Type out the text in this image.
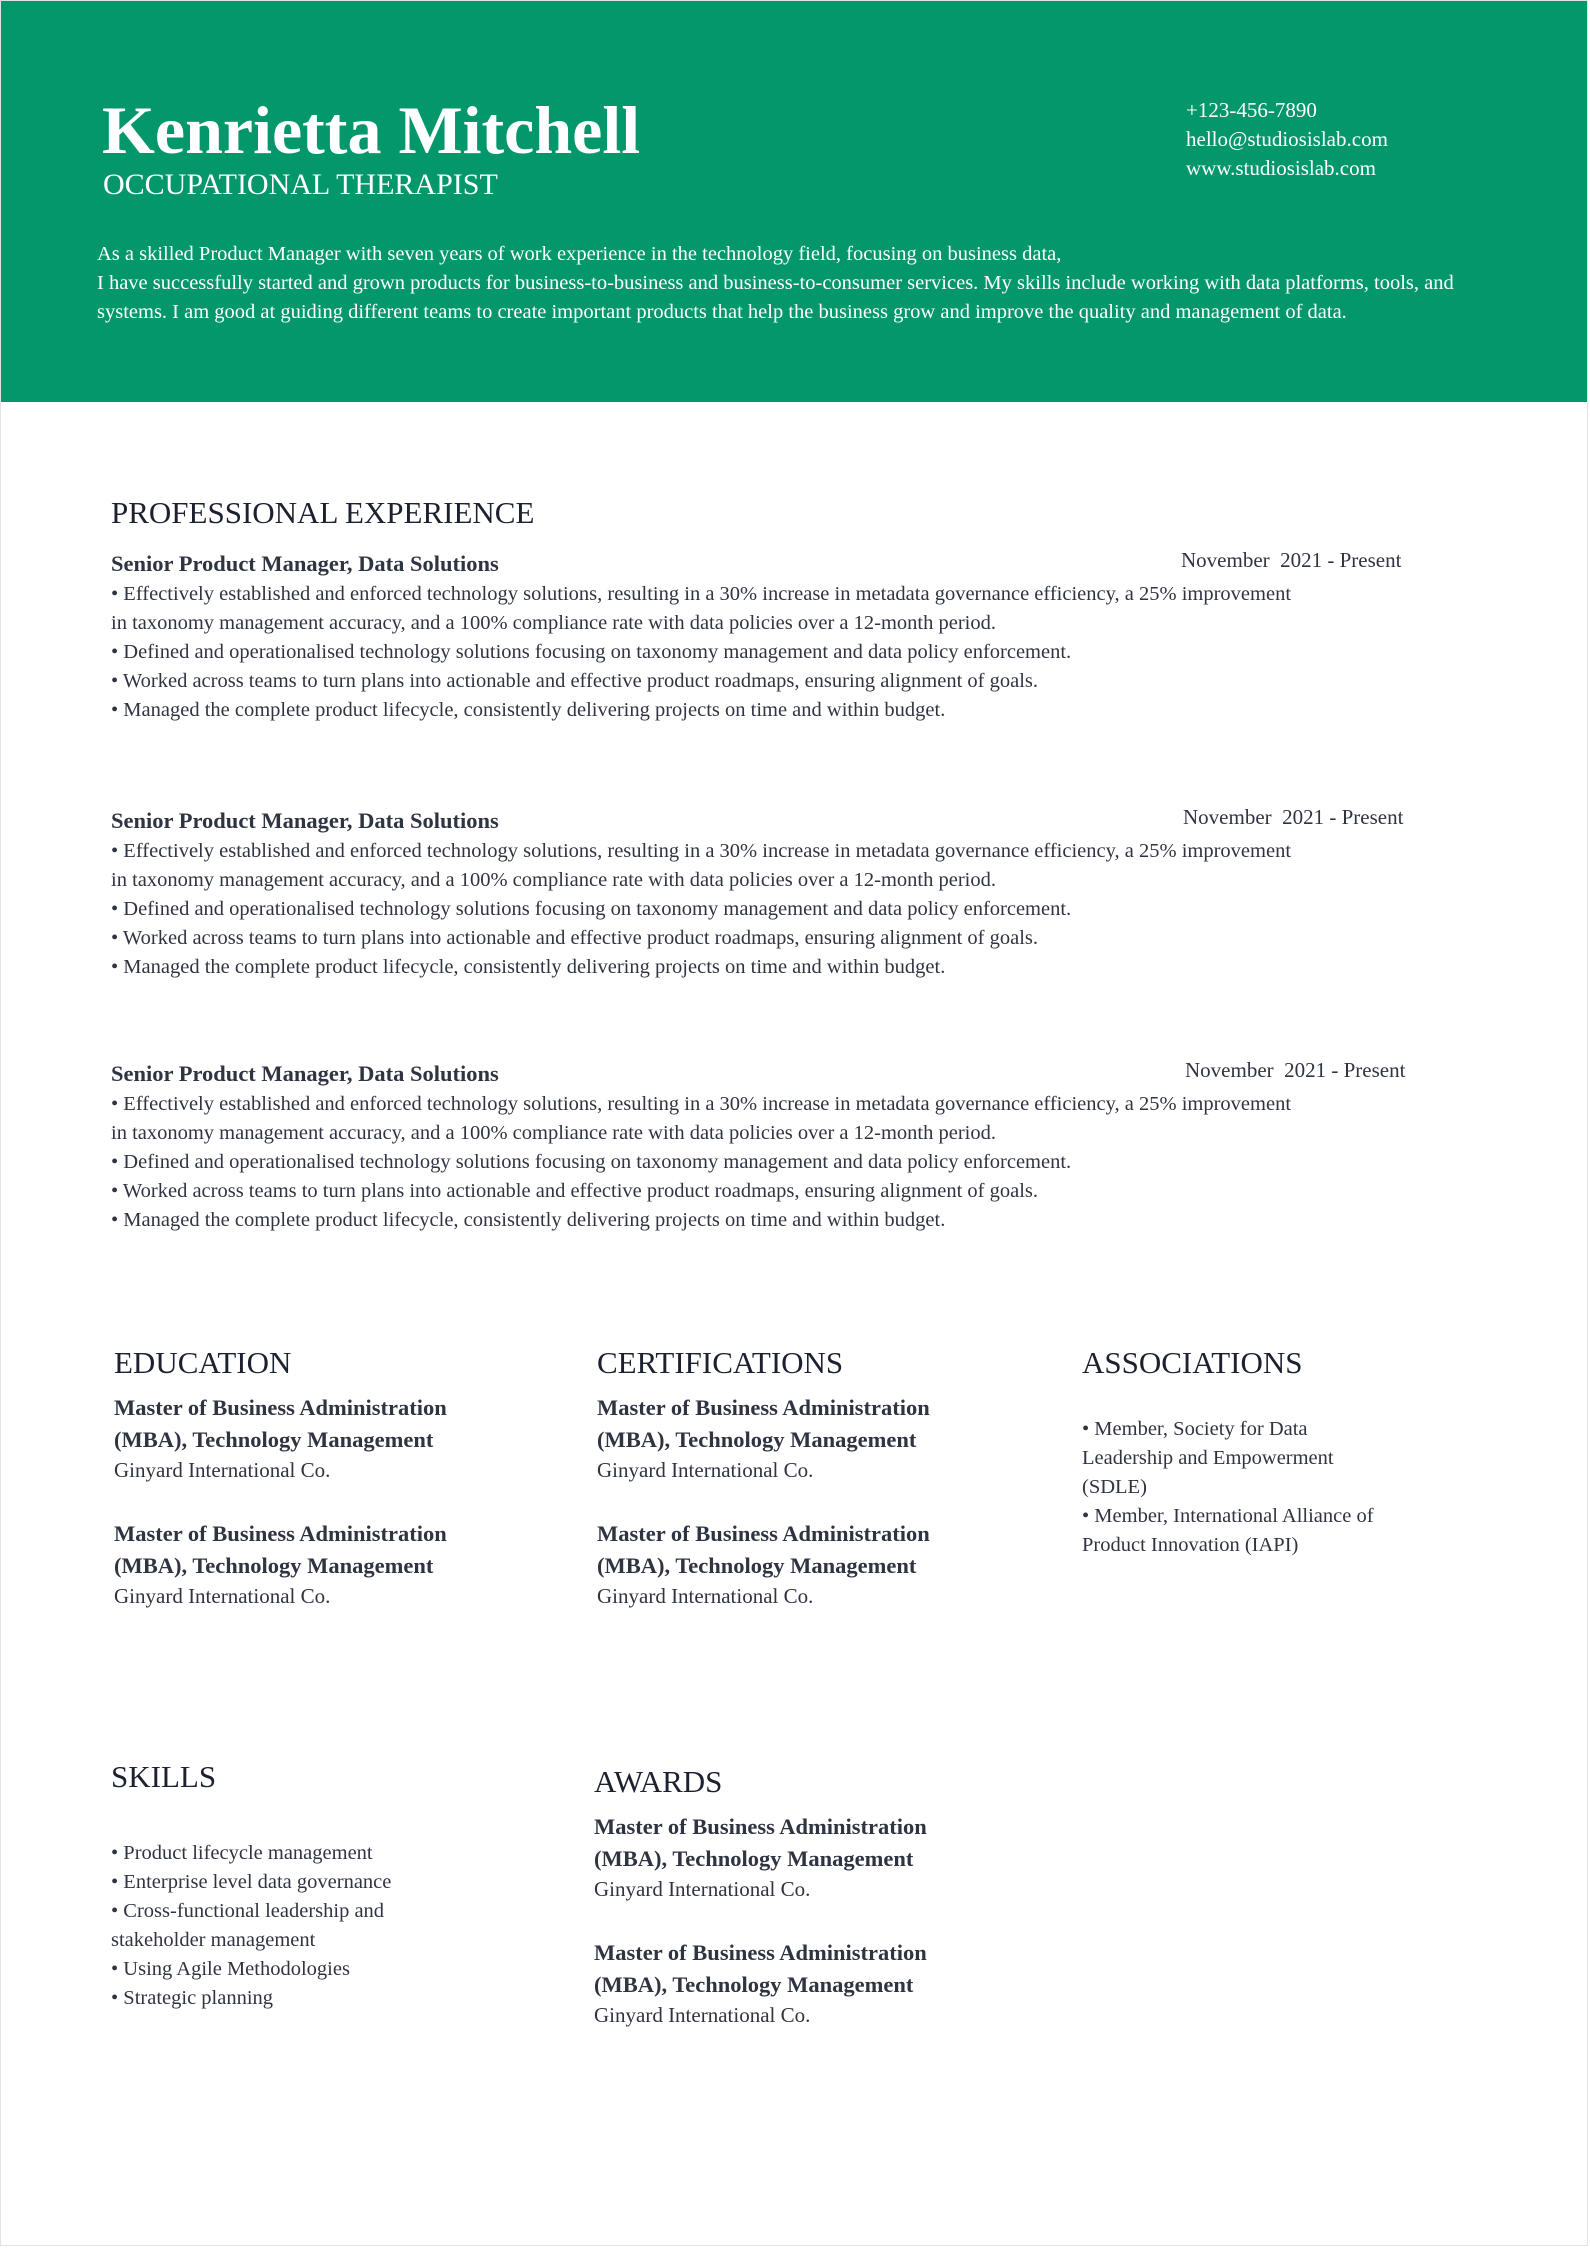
Kenrietta Mitchell
OCCUPATIONAL THERAPIST
+123-456-7890
hello@studiosislab.com
www.studiosislab.com

As a skilled Product Manager with seven years of work experience in the technology field, focusing on business data,

I have successfully started and grown products for business-to-business and business-to-consumer services. My skills include working with data platforms, tools, and systems. I am good at guiding different teams to create important products that help the business grow and improve the quality and management of data.

PROFESSIONAL EXPERIENCE
Senior Product Manager, Data Solutions	November  2021 - Present
• Effectively established and enforced technology solutions, resulting in a 30% increase in metadata governance efficiency, a 25% improvement in taxonomy management accuracy, and a 100% compliance rate with data policies over a 12-month period.
• Defined and operationalised technology solutions focusing on taxonomy management and data policy enforcement.
• Worked across teams to turn plans into actionable and effective product roadmaps, ensuring alignment of goals.
• Managed the complete product lifecycle, consistently delivering projects on time and within budget.
Senior Product Manager, Data Solutions	November  2021 - Present
• Effectively established and enforced technology solutions, resulting in a 30% increase in metadata governance efficiency, a 25% improvement in taxonomy management accuracy, and a 100% compliance rate with data policies over a 12-month period.
• Defined and operationalised technology solutions focusing on taxonomy management and data policy enforcement.
• Worked across teams to turn plans into actionable and effective product roadmaps, ensuring alignment of goals.
• Managed the complete product lifecycle, consistently delivering projects on time and within budget.
Senior Product Manager, Data Solutions	November  2021 - Present
• Effectively established and enforced technology solutions, resulting in a 30% increase in metadata governance efficiency, a 25% improvement in taxonomy management accuracy, and a 100% compliance rate with data policies over a 12-month period.
• Defined and operationalised technology solutions focusing on taxonomy management and data policy enforcement.
• Worked across teams to turn plans into actionable and effective product roadmaps, ensuring alignment of goals.
• Managed the complete product lifecycle, consistently delivering projects on time and within budget.
EDUCATION
Master of Business Administration (MBA), Technology Management
Ginyard International Co.
Master of Business Administration (MBA), Technology Management
Ginyard International Co.
CERTIFICATIONS
Master of Business Administration (MBA), Technology Management
Ginyard International Co.
Master of Business Administration (MBA), Technology Management
Ginyard International Co.
ASSOCIATIONS
• Member, Society for Data Leadership and Empowerment (SDLE)
• Member, International Alliance of Product Innovation (IAPI)
SKILLS
• Product lifecycle management
• Enterprise level data governance
• Cross-functional leadership and stakeholder management
• Using Agile Methodologies
• Strategic planning
AWARDS
Master of Business Administration (MBA), Technology Management
Ginyard International Co.
Master of Business Administration (MBA), Technology Management
Ginyard International Co.
